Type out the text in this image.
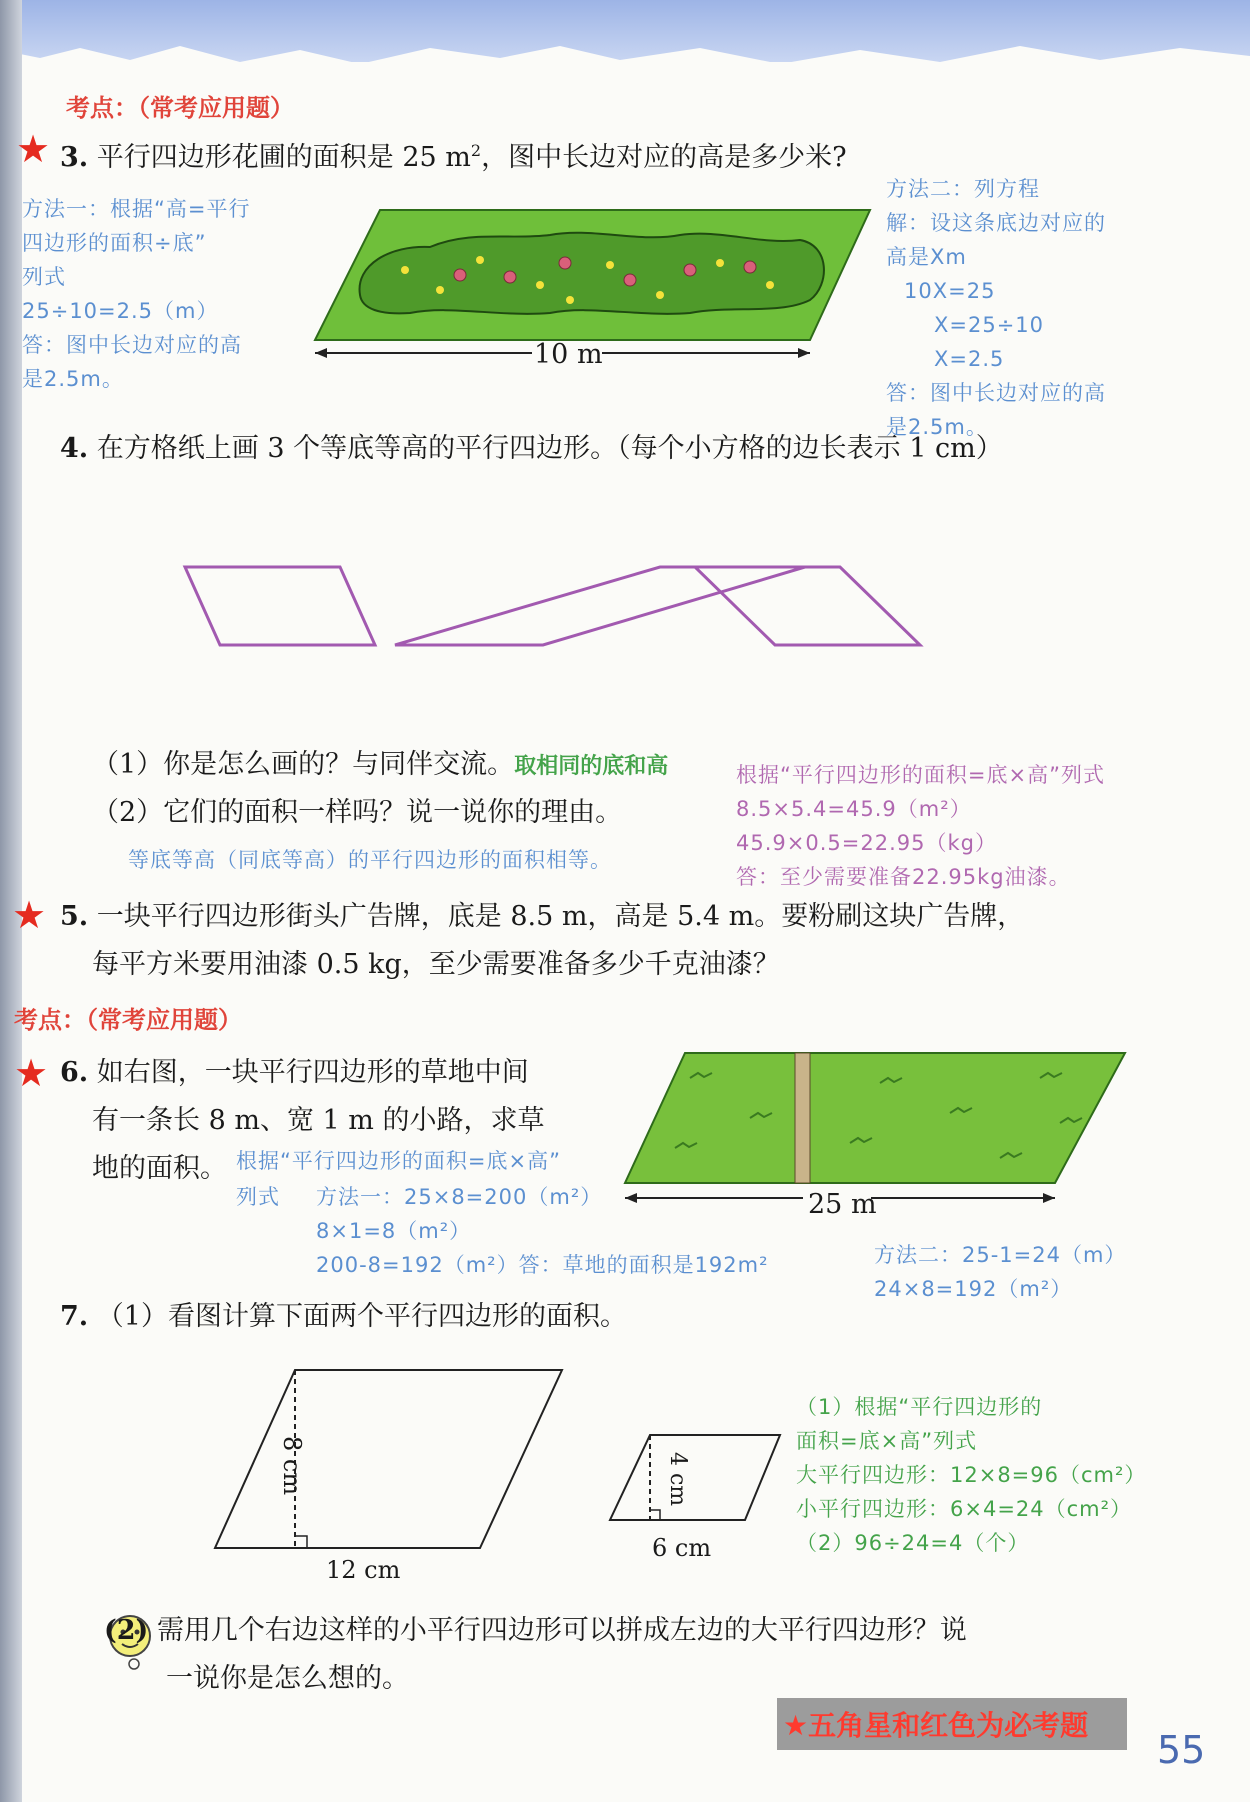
考点：（常考应用题）
★ 3. 平行四边形花圃的面积是 25 $m^2$，图中长边对应的高是多少米?
方法一：根据“高=平行
四边形的面积÷底”
列式
25÷10=2.5（m）
答：图中长边对应的高
是2.5m。
10 m
方法二：列方程
解：设这条底边对应的
高是Xm
10X=25
X=25÷10
X=2.5
答：图中长边对应的高
是2.5m。
4. 在方格纸上画 3 个等底等高的平行四边形。（每个小方格的边长表示 1 cm）
（1）你是怎么画的？与同伴交流。取相同的底和高
（2）它们的面积一样吗？说一说你的理由。
等底等高（同底等高）的平行四边形的面积相等。
根据“平行四边形的面积=底×高”列式
8.5×5.4=45.9（m²）
45.9×0.5=22.95（kg）
答：至少需要准备22.95kg油漆。
★ 5. 一块平行四边形街头广告牌，底是 8.5 m，高是 5.4 m。要粉刷这块广告牌，
每平方米要用油漆 0.5 kg，至少需要准备多少千克油漆？
考点：（常考应用题）
★ 6. 如右图，一块平行四边形的草地中间
有一条长 8 m、宽 1 m 的小路，求草
地的面积。 根据“平行四边形的面积=底×高”
列式 方法一：25×8=200（m²）
8×1=8（m²）
200-8=192（m²）答：草地的面积是192m²
25 m
方法二：25-1=24（m）
24×8=192（m²）
7. （1）看图计算下面两个平行四边形的面积。
8 cm
12 cm
4 cm
6 cm
（1）根据“平行四边形的
面积=底×高”列式
大平行四边形：12×8=96（cm²）
小平行四边形：6×4=24（cm²）
（2）96÷24=4（个）
(2) 需用几个右边这样的小平行四边形可以拼成左边的大平行四边形？说
一说你是怎么想的。
★五角星和红色为必考题
55
